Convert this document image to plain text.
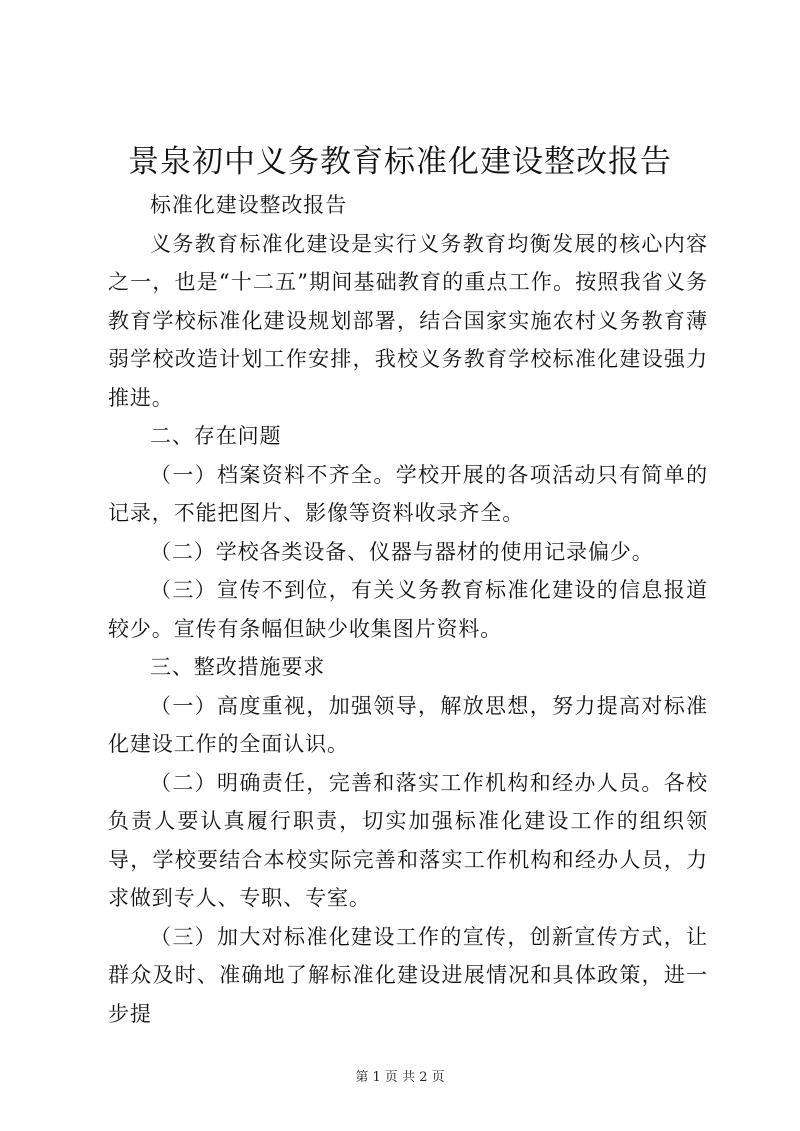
景泉初中义务教育标准化建设整改报告

标准化建设整改报告

义务教育标准化建设是实行义务教育均衡发展的核心内容之一，也是“十二五”期间基础教育的重点工作。按照我省义务教育学校标准化建设规划部署，结合国家实施农村义务教育薄弱学校改造计划工作安排，我校义务教育学校标准化建设强力推进。

二、存在问题

（一）档案资料不齐全。学校开展的各项活动只有简单的记录，不能把图片、影像等资料收录齐全。

（二）学校各类设备、仪器与器材的使用记录偏少。

（三）宣传不到位，有关义务教育标准化建设的信息报道较少。宣传有条幅但缺少收集图片资料。

三、整改措施要求

（一）高度重视，加强领导，解放思想，努力提高对标准化建设工作的全面认识。

（二）明确责任，完善和落实工作机构和经办人员。各校负责人要认真履行职责，切实加强标准化建设工作的组织领导，学校要结合本校实际完善和落实工作机构和经办人员，力求做到专人、专职、专室。

（三）加大对标准化建设工作的宣传，创新宣传方式，让群众及时、准确地了解标准化建设进展情况和具体政策，进一步提

第 1 页 共 2 页
